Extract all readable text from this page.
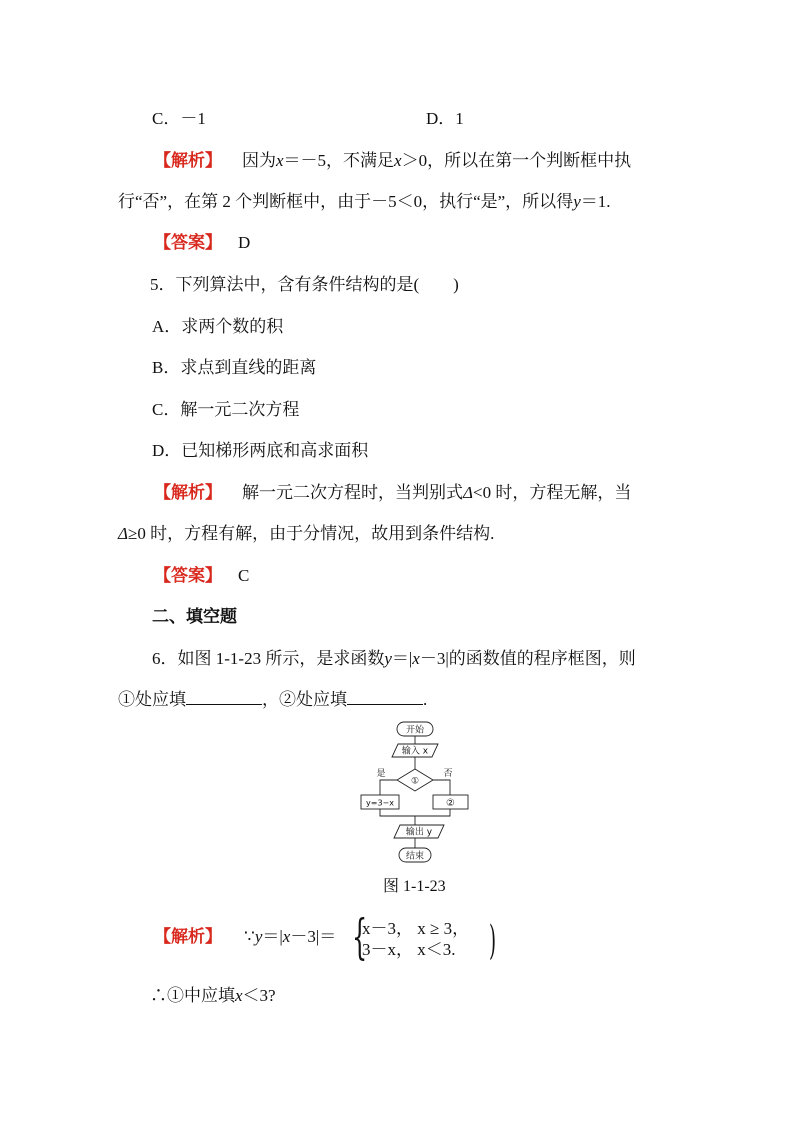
C．－1	D．1
【解析】 因为x＝－5，不满足x＞0，所以在第一个判断框中执
行“否”，在第 2 个判断框中，由于－5＜0，执行“是”，所以得y＝1.
【答案】 D
5．下列算法中，含有条件结构的是(　　)
A．求两个数的积
B．求点到直线的距离
C．解一元二次方程
D．已知梯形两底和高求面积
【解析】 解一元二次方程时，当判别式Δ<0 时，方程无解，当
Δ≥0 时，方程有解，由于分情况，故用到条件结构.
【答案】 C
二、填空题
6．如图 1-1-23 所示，是求函数y＝|x－3|的函数值的程序框图，则
①处应填	，②处应填	.
开始
输入 x
①
是	否
y=3−x	②
输出 y
结束
图 1-1-23
【解析】 ∵y＝|x－3|＝ {
x－3， x ≥ 3，
3－x， x＜3. )
∴①中应填x＜3?
